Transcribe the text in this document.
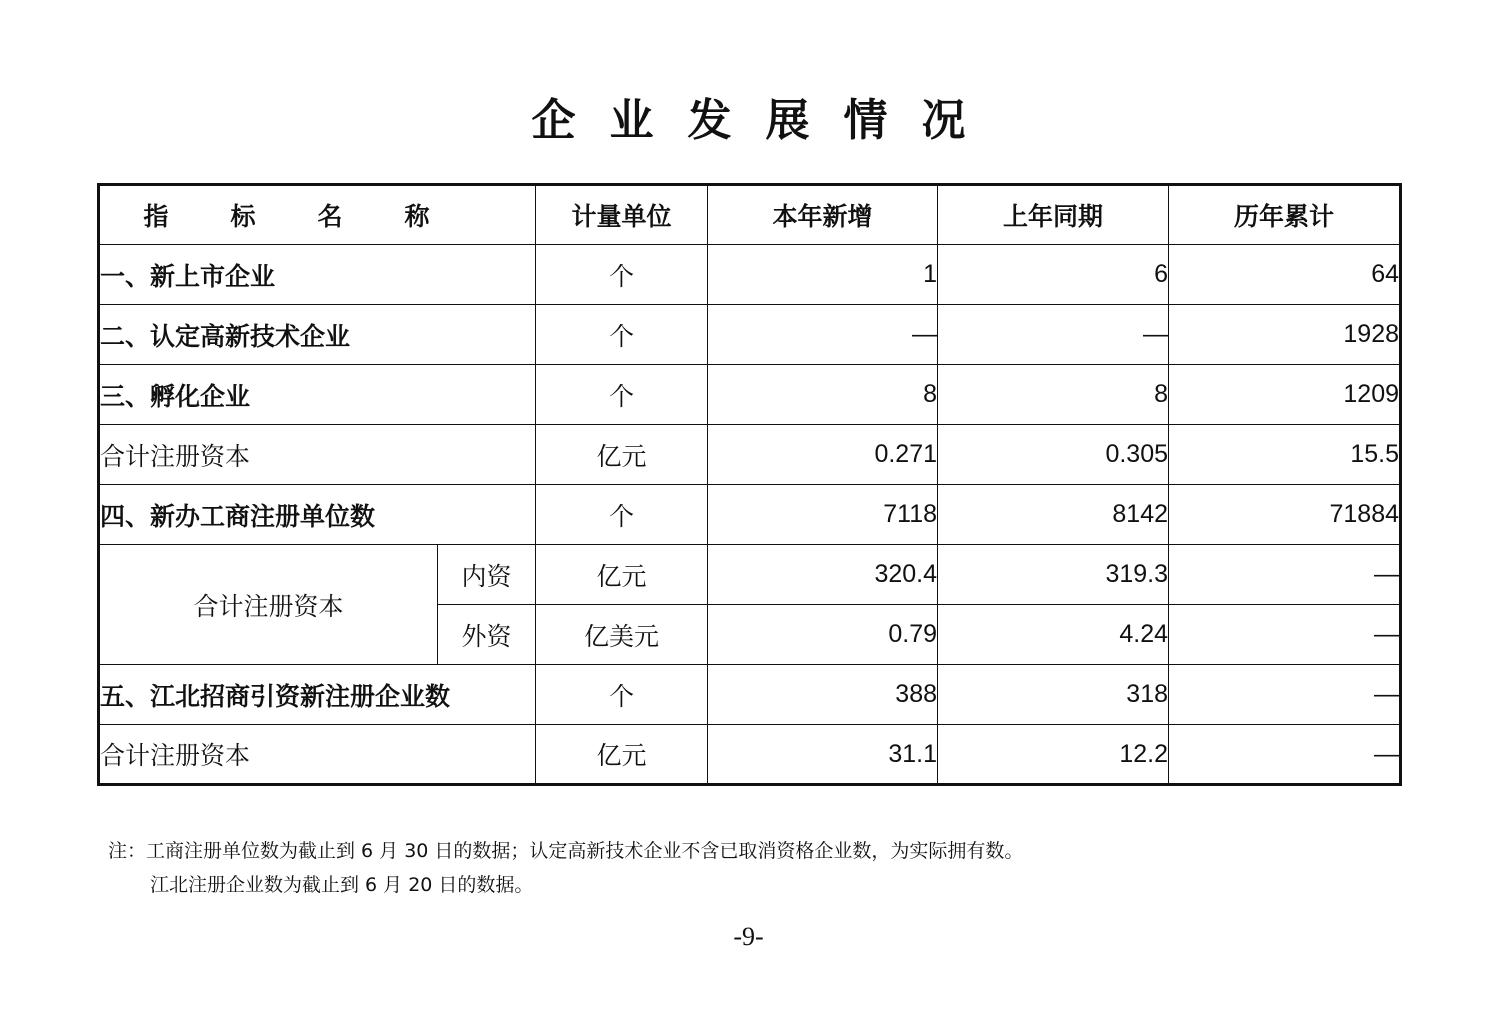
企业发展情况
指标名称		计量单位	本年新增	上年同期	历年累计
一、新上市企业		个	1	6	64
二、认定高新技术企业		个	—	—	1928
三、孵化企业		个	8	8	1209
合计注册资本		亿元	0.271	0.305	15.5
四、新办工商注册单位数		个	7118	8142	71884
合计注册资本	内资	亿元	320.4	319.3	—
	外资	亿美元	0.79	4.24	—
五、江北招商引资新注册企业数		个	388	318	—
合计注册资本		亿元	31.1	12.2	—
注：工商注册单位数为截止到 6 月 30 日的数据；认定高新技术企业不含已取消资格企业数，为实际拥有数。
江北注册企业数为截止到 6 月 20 日的数据。
-9-
